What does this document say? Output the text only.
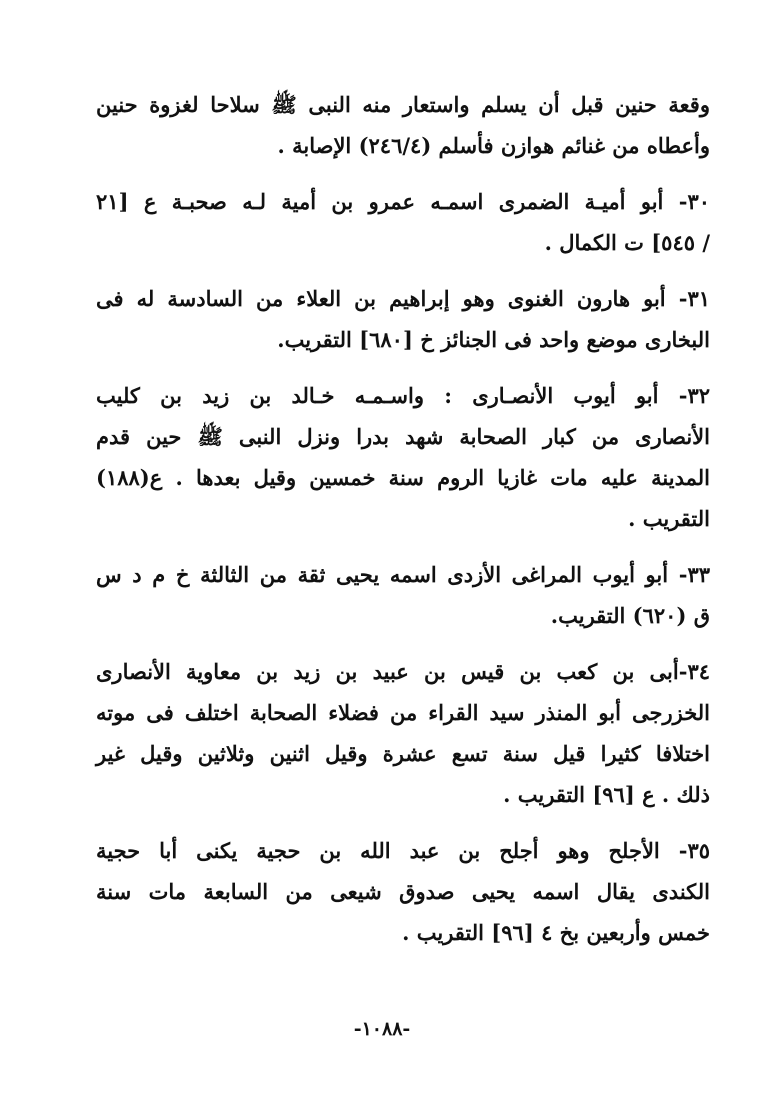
وقعة حنين قبل أن يسلم واستعار منه النبى ﷺ سلاحا لغزوة حنين
وأعطاه من غنائم هوازن فأسلم (٢٤٦/٤) الإصابة .
٣٠- أبو أميـة الضمرى اسمـه عمرو بن أمية لـه صحبـة ع [٢١
/ ٥٤٥] ت الكمال .
٣١- أبو هارون الغنوى وهو إبراهيم بن العلاء من السادسة له فى
البخارى موضع واحد فى الجنائز خ [٦٨٠] التقريب.
٣٢- أبو أيوب الأنصـارى : واسـمـه خـالد بن زيد بن كليب
الأنصارى من كبار الصحابة شهد بدرا ونزل النبى ﷺ حين قدم
المدينة عليه مات غازيا الروم سنة خمسين وقيل بعدها . ع(١٨٨)
التقريب .
٣٣- أبو أيوب المراغى الأزدى اسمه يحيى ثقة من الثالثة خ م د س
ق (٦٢٠) التقريب.
٣٤-أبى بن كعب بن قيس بن عبيد بن زيد بن معاوية الأنصارى
الخزرجى أبو المنذر سيد القراء من فضلاء الصحابة اختلف فى موته
اختلافا كثيرا قيل سنة تسع عشرة وقيل اثنين وثلاثين وقيل غير
ذلك . ع [٩٦] التقريب .
٣٥- الأجلح وهو أجلح بن عبد الله بن حجية يكنى أبا حجية
الكندى يقال اسمه يحيى صدوق شيعى من السابعة مات سنة
خمس وأربعين بخ ٤ [٩٦] التقريب .
-١٠٨٨-
